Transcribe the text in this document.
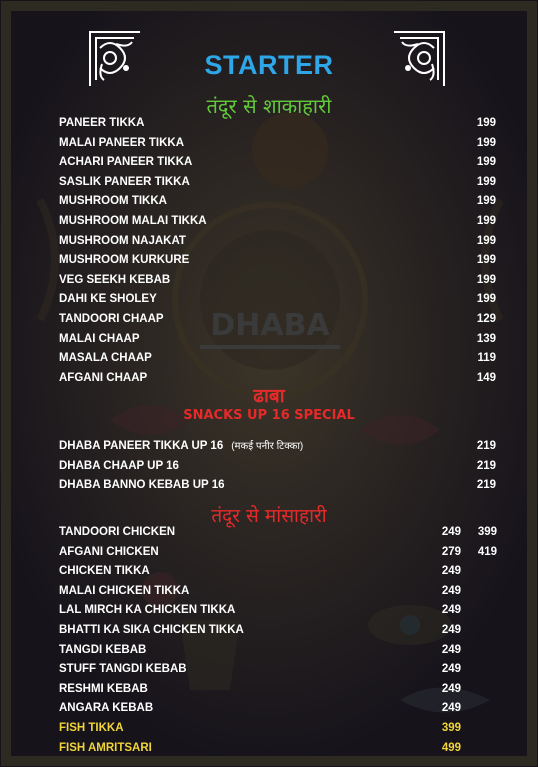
DHABA
STARTER
तंदूर से शाकाहारी
PANEER TIKKA	199
MALAI PANEER TIKKA	199
ACHARI PANEER TIKKA	199
SASLIK PANEER TIKKA	199
MUSHROOM TIKKA	199
MUSHROOM MALAI TIKKA	199
MUSHROOM NAJAKAT	199
MUSHROOM KURKURE	199
VEG SEEKH KEBAB	199
DAHI KE SHOLEY	199
TANDOORI CHAAP	129
MALAI CHAAP	139
MASALA CHAAP	119
AFGANI CHAAP	149
ढाबा
SNACKS UP 16 SPECIAL
DHABA PANEER TIKKA UP 16 (मकई पनीर टिक्का)	219
DHABA CHAAP UP 16	219
DHABA BANNO KEBAB UP 16	219
तंदूर से मांसाहारी
TANDOORI CHICKEN	249	399
AFGANI CHICKEN	279	419
CHICKEN TIKKA	249
MALAI CHICKEN TIKKA	249
LAL MIRCH KA CHICKEN TIKKA	249
BHATTI KA SIKA CHICKEN TIKKA	249
TANGDI KEBAB	249
STUFF TANGDI KEBAB	249
RESHMI KEBAB	249
ANGARA KEBAB	249
FISH TIKKA	399
FISH AMRITSARI	499
